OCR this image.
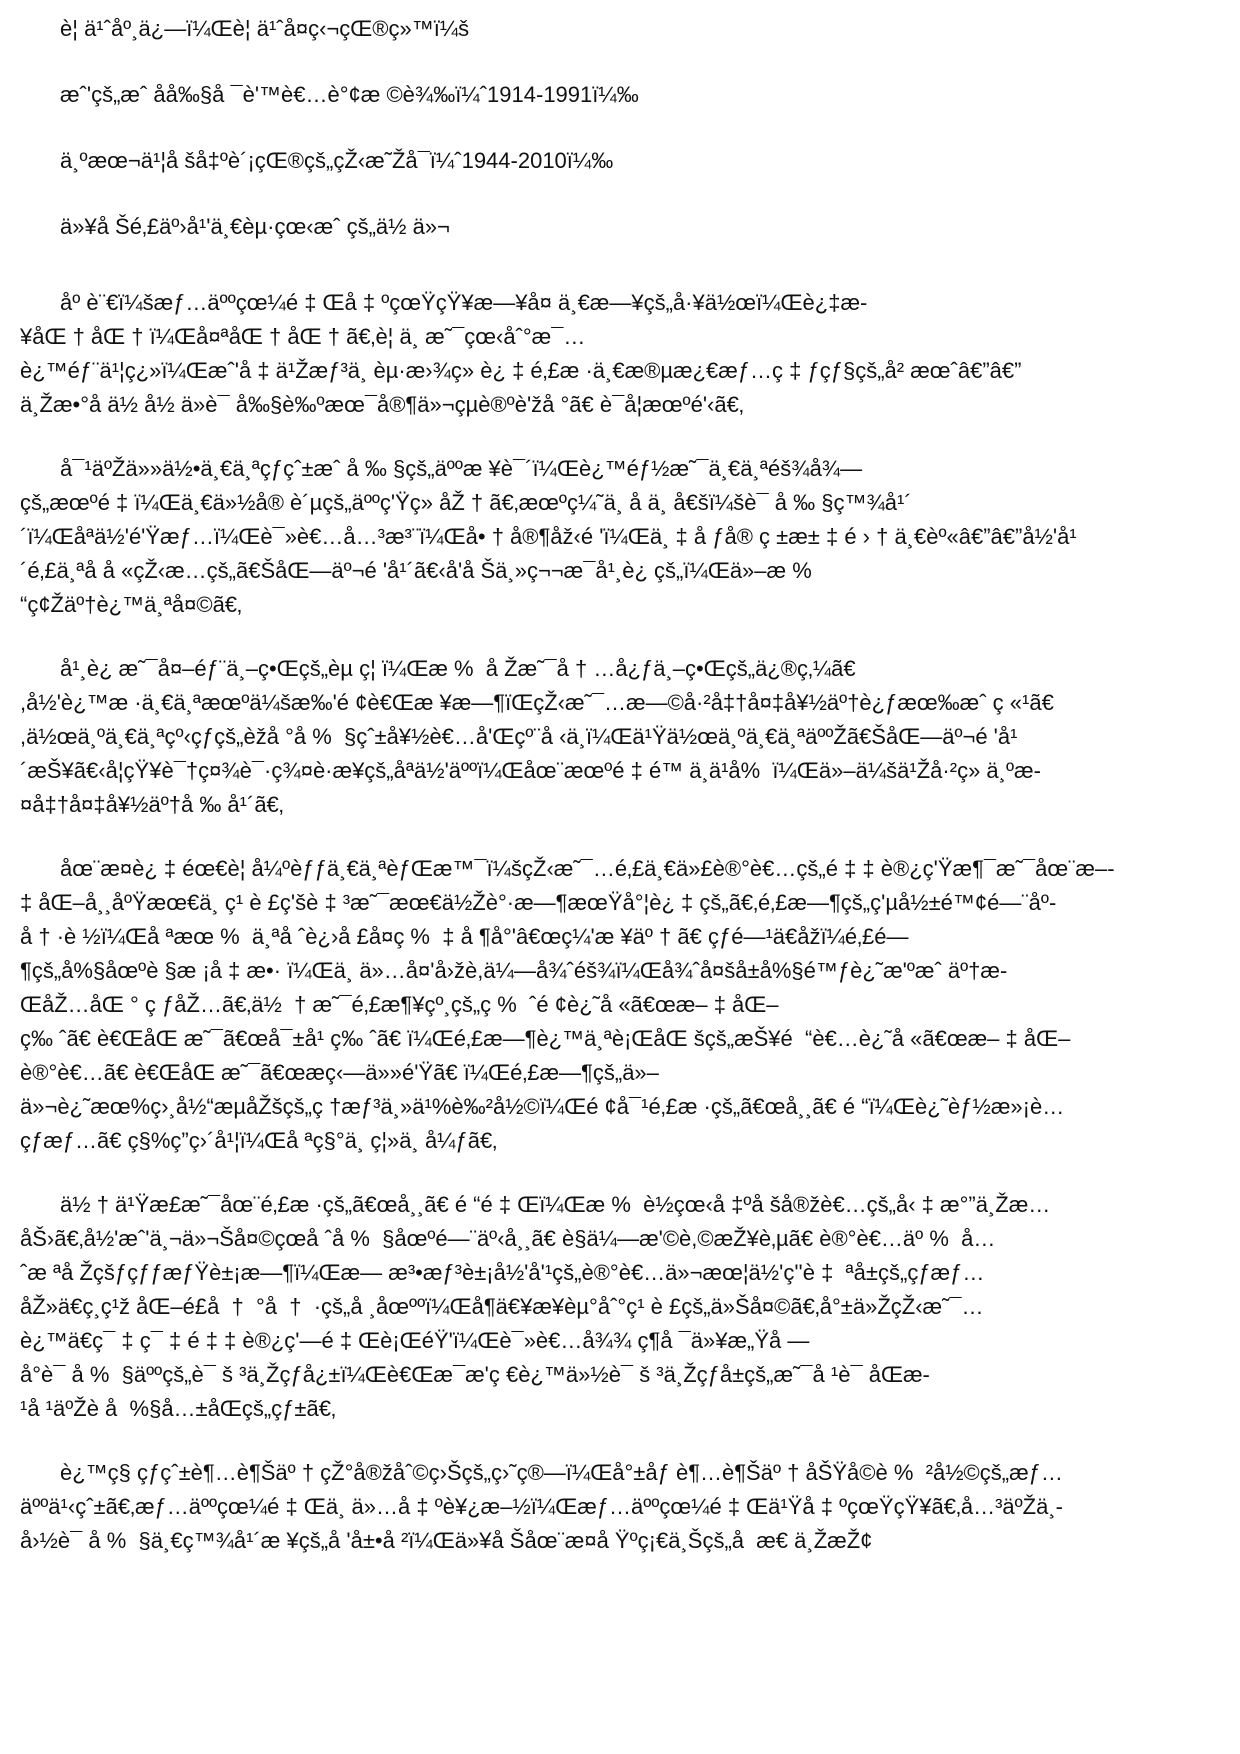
è¦ ä¹ˆåº¸ä¿—ï¼Œè¦ ä¹ˆå¤ç‹¬çŒ®ç»™ï¼š
æˆ'çš„æˆ åå‰§å ¯è'™è€…è°¢æ ©è¾‰ï¼ˆ1914-1991ï¼‰
ä¸ºæœ¬ä¹¦å šå‡ºè´¡çŒ®çš„çŽ‹æ˜Žå¯ï¼ˆ1944-2010ï¼‰
ä»¥å Šé‚£äº›å¹'ä¸€èµ·çœ‹æˆ çš„ä½ ä»¬
åº è¨€ï¼šæƒ…äººçœ¼é ‡ Œå ‡ ºçœŸçŸ¥æ—¥å¤ ä¸€æ—¥çš„å·¥ä½œï¼Œè¿‡æ-
¥åŒ † åŒ † ï¼Œå¤ªåŒ † åŒ † ã€‚è¦ ä¸ æ˜¯çœ‹åˆ°æ¯…
è¿™éƒ¨ä¹¦ç¿»ï¼Œæˆ'å ‡ ä¹Žæƒ³ä¸ èµ·æ›¾ç» è¿ ‡ é‚£æ ·ä¸€æ®µæ¿€æƒ…ç ‡ ƒçƒ§çš„å² æœˆâ€”â€”
ä¸Žæ•°å ä½ å½ ä»è¯ å‰§è‰ºæœ¯å®¶ä»¬çµè®ºè'žå °ã€ è¯å¦æœºé'‹ã€‚
å¯¹äºŽä»»ä½•ä¸€ä¸ªçƒçˆ±æˆ å ‰ §çš„äººæ ¥è¯´ï¼Œè¿™éƒ½æ˜¯ä¸€ä¸ªéš¾å¾—
çš„æœºé ‡ ï¼Œä¸€ä»½å® è´µçš„äººç'Ÿç» åŽ † ã€‚æœºç¼˜ä¸ å ä¸ å€šï¼šè¯ å ‰ §ç™¾å¹´
´ï¼Œåªä½'é'Ÿæƒ…ï¼Œè¯»è€…å…³æ³¨ï¼Œå• † å®¶åž‹é 'ï¼Œä¸ ‡ å ƒå® ç ±æ± ‡ é › † ä¸€èº«â€”â€”å½'å¹
´é‚£ä¸ªå å «çŽ‹æ…çš„ã€ŠåŒ—äº¬é 'å¹´ã€‹å'å Šä¸»ç¬¬æ¯å¹¸è¿ çš„ï¼Œä»–æ %
“ç¢Žäº†è¿™ä¸ªå¤©ã€‚
å¹¸è¿ æ˜¯å¤–éƒ¨ä¸–ç•Œçš„èµ ç¦ ï¼Œæ %  å Žæ˜¯å † …å¿ƒä¸–ç•Œçš„ä¿®ç‚¼ã€
,å½'è¿™æ ·ä¸€ä¸ªæœºä¼šæ‰'é ¢è€Œæ ¥æ—¶ïŒçŽ‹æ˜¯…æ—©å·²å‡†å¤‡å¥½äº†è¿ƒæœ‰æˆ ç «¹ã€
,ä½œä¸ºä¸€ä¸ªçº‹çƒçš„èžå °å %  §çˆ±å¥½è€…å'Œçº¨å ‹ä¸ï¼Œä¹Ÿä½œä¸ºä¸€ä¸ªäººŽã€ŠåŒ—äº¬é 'å¹
´æŠ¥ã€‹å¦çŸ¥è¯†ç¤¾è¯·ç¾¤è·æ¥çš„åªä½'äººï¼Œåœ¨æœºé ‡ é™ ä¸ä¹å%  ï¼Œä»–ä¼šä¹Žå·²ç» ä¸ºæ-
¤å‡†å¤‡å¥½äº†å ‰ å¹´ã€‚
åœ¨æ¤è¿ ‡ éœ€è¦ å¼ºèƒƒä¸€ä¸ªèƒŒæ™¯ï¼šçŽ‹æ˜¯…é‚£ä¸€ä»£è®°è€…çš„é ‡ ‡ è®¿ç'Ÿæ¶¯æ˜¯åœ¨æ–-
‡ åŒ–å¸¸åºŸæœ€ä¸ ç¹ è £ç'šè ‡ ³æ˜¯æœ€ä½Žè°·æ—¶æœŸå°¦è¿ ‡ çš„ã€‚é‚£æ—¶çš„ç'µå½±é™¢é—¨åº-
å † ·è ½ï¼Œå ªæœ %  ä¸ªå ˆè¿›å £å¤ç %  ‡ å ¶å°'â€œç¼'æ ¥äº † ã€ çƒé—¹ä€åžï¼é‚£é—
¶çš„å%§åœºè §æ ¡å ‡ æ•· ï¼Œä¸ ä»…å¤'å›žè,ä¼—å¾ˆéš¾ï¼Œå¾ˆå¤šå±å%§é™ƒè¿˜æ'ºæˆ äº†æ-
ŒåŽ…åŒ ° ç ƒåŽ…ã€‚ä½  † æ˜¯é‚£æ¶¥çº¸çš„ç %  ˆé ¢è¿˜å «ã€œæ– ‡ åŒ–
ç‰ ˆã€ è€ŒåŒ æ˜¯ã€œå¯±å¹ ç‰ ˆã€ ï¼Œé‚£æ—¶è¿™ä¸ªè¡ŒåŒ šçš„æŠ¥é  “è€…è¿˜å «ã€œæ– ‡ åŒ–
è®°è€…ã€ è€ŒåŒ æ˜¯ã€œæç‹—ä»»é'Ÿã€ ï¼Œé‚£æ—¶çš„ä»–
ä»¬è¿˜æœ%ç›¸å½“æµåŽšçš„ç †æƒ³ä¸»ä¹%è‰²å½©ï¼Œé ¢å¯¹é‚£æ ·çš„ã€œå¸¸ã€ é “ï¼Œè¿˜èƒ½æ»¡è…
çƒæƒ…ã€ ç§%ç”ç›´å¹¦ï¼Œå ªç§°ä¸ ç¦»ä¸ å¼ƒã€‚
ä½ † ä¹Ÿæ£æ˜¯åœ¨é‚£æ ·çš„ã€œå¸¸ã€ é “é ‡ Œï¼Œæ %  è½çœ‹å ‡ºå šå®žè€…çš„å‹ ‡ æ°”ä¸Žæ…
åŠ›ã€‚å½'æˆ'ä¸¬ä»¬Šå¤©çœå ˆå %  §åœºé—¨äº‹å¸¸ã€ è§ä¼—æ'©è,©æŽ¥è‚µã€ è®°è€…äº %  å…
ˆæ ªå ŽçšƒçƒƒæƒŸè±¡æ—¶ï¼Œæ— æ³•æƒ³è±¡å½'å'¹çš„è®°è€…ä»¬æœ¦ä½'ç''è ‡  ªå±çš„çƒæƒ…
åŽ»ä€ç¸ç¹ž åŒ–é£å  †  °å  †  ·çš„å ¸åœººï¼Œå¶ä€¥æ¥èµ°åˆ°ç¹ è £çš„ä»Šå¤©ã€‚å°±ä»ŽçŽ‹æ˜¯…
è¿™ä€ç¯ ‡ ç¯ ‡ é ‡ ‡ è®¿ç'—é ‡ Œè¡ŒéŸ'ï¼Œè¯»è€…å¾¾ ç¶å ¯ä»¥æ„Ÿå —
å°è¯ å %  §äººçš„è¯ š ³ä¸Žçƒå¿±ï¼Œè€Œæ¯æ'ç €è¿™ä»½è¯ š ³ä¸Žçƒå±çš„æ˜¯å ¹è¯ åŒæ-
¹å ¹äºŽè å  %§å…±åŒçš„çƒ±ã€‚
è¿™ç§ çƒçˆ±è¶…è¶Šäº † çŽ°å®žåˆ©ç›Šçš„ç›˜ç®—ï¼Œå°±åƒ è¶…è¶Šäº † åŠŸå©è %  ²å½©çš„æƒ…
äººä¹‹çˆ±ã€‚æƒ…äººçœ¼é ‡ Œä¸ ä»…å ‡ ºè¥¿æ–½ï¼Œæƒ…äººçœ¼é ‡ Œä¹Ÿå ‡ ºçœŸçŸ¥ã€‚å…³äºŽä¸-
å›½è¯ å %  §ä¸€ç™¾å¹´æ ¥çš„å 'å±•å ²ï¼Œä»¥å Šåœ¨æ¤å Ÿºç¡€ä¸Šçš„å  æ€ ä¸ŽæŽ¢
